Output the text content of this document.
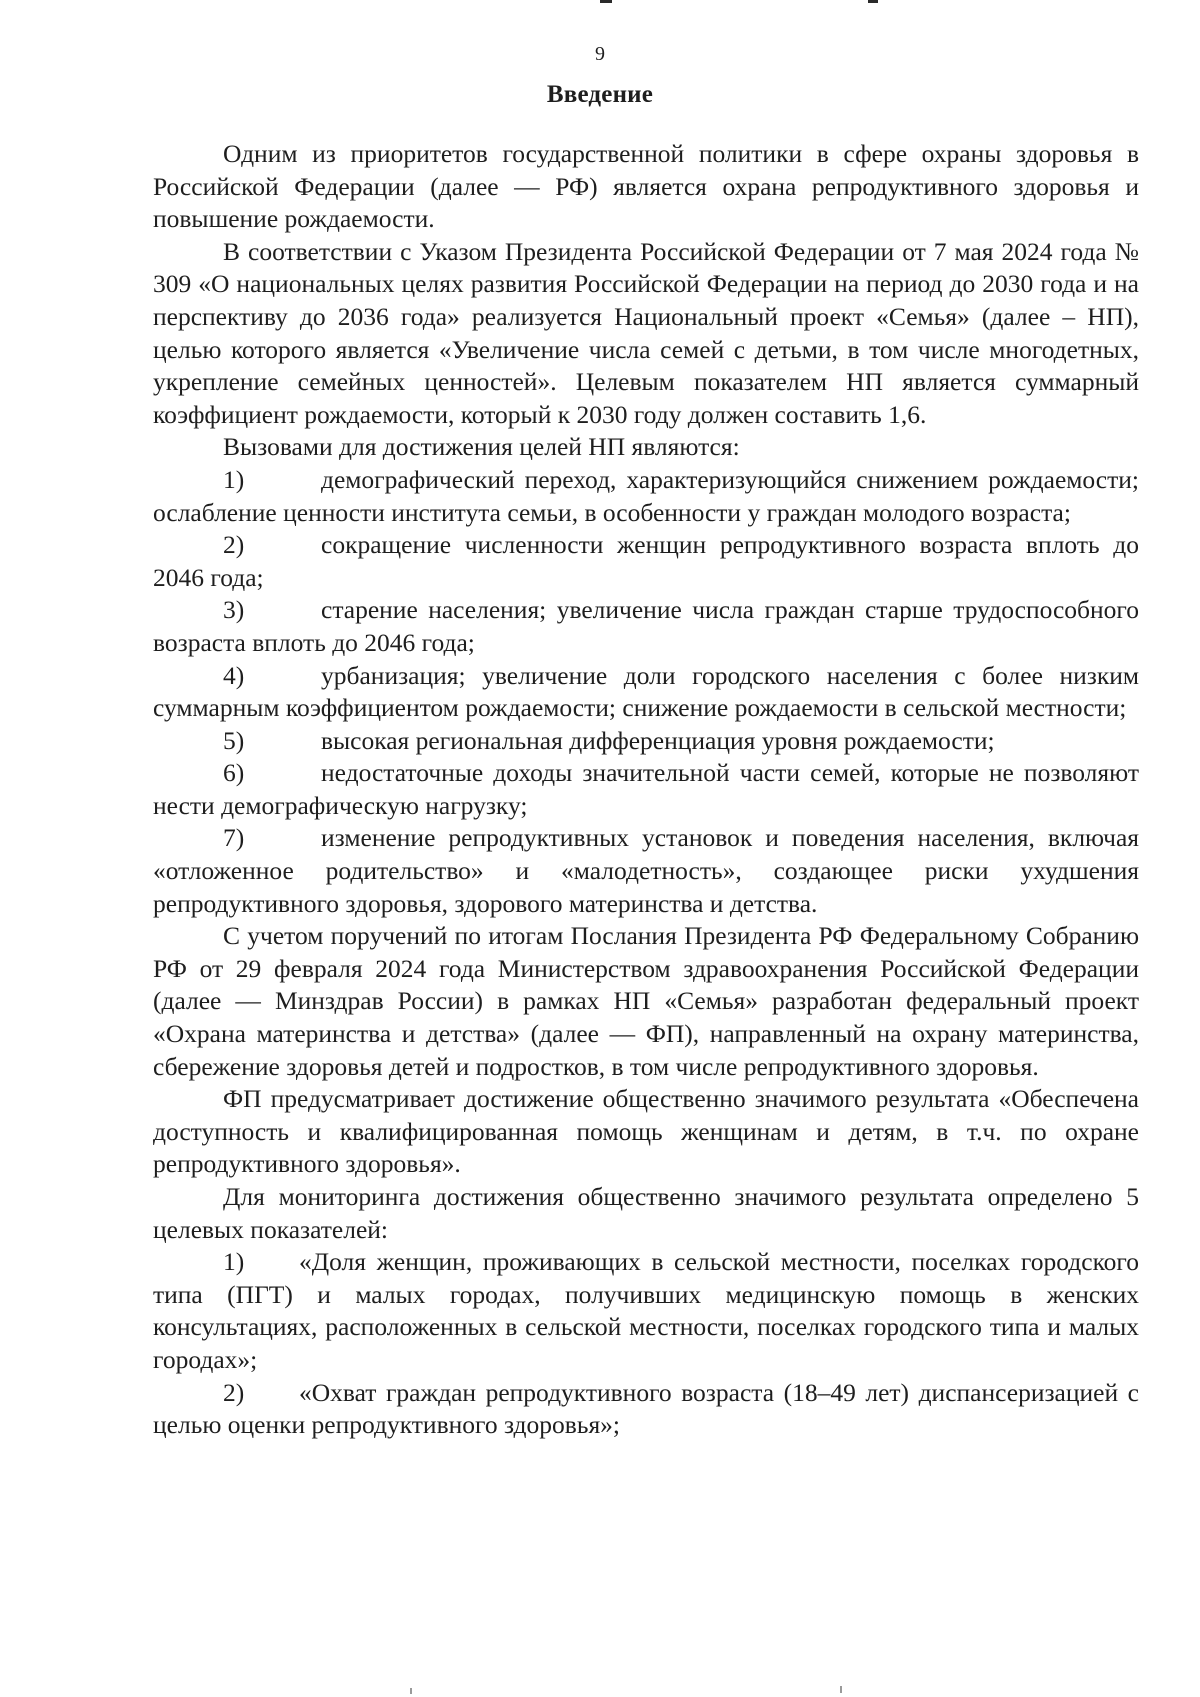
9
Введение

Одним из приоритетов государственной политики в сфере охраны здоровья в Российской Федерации (далее — РФ) является охрана репродуктивного здоровья и повышение рождаемости.

В соответствии с Указом Президента Российской Федерации от 7 мая 2024 года № 309 «О национальных целях развития Российской Федерации на период до 2030 года и на перспективу до 2036 года» реализуется Национальный проект «Семья» (далее – НП), целью которого является «Увеличение числа семей с детьми, в том числе многодетных, укрепление семейных ценностей». Целевым показателем НП является суммарный коэффициент рождаемости, который к 2030 году должен составить 1,6.

Вызовами для достижения целей НП являются:

1)	демографический переход, характеризующийся снижением рождаемости; ослабление ценности института семьи, в особенности у граждан молодого возраста;

2)	сокращение численности женщин репродуктивного возраста вплоть до 2046 года;

3)	старение населения; увеличение числа граждан старше трудоспособного возраста вплоть до 2046 года;

4)	урбанизация; увеличение доли городского населения с более низким суммарным коэффициентом рождаемости; снижение рождаемости в сельской местности;

5)	высокая региональная дифференциация уровня рождаемости;

6)	недостаточные доходы значительной части семей, которые не позволяют нести демографическую нагрузку;

7)	изменение репродуктивных установок и поведения населения, включая «отложенное родительство» и «малодетность», создающее риски ухудшения репродуктивного здоровья, здорового материнства и детства.

С учетом поручений по итогам Послания Президента РФ Федеральному Собранию РФ от 29 февраля 2024 года Министерством здравоохранения Российской Федерации (далее — Минздрав России) в рамках НП «Семья» разработан федеральный проект «Охрана материнства и детства» (далее — ФП), направленный на охрану материнства, сбережение здоровья детей и подростков, в том числе репродуктивного здоровья.

ФП предусматривает достижение общественно значимого результата «Обеспечена доступность и квалифицированная помощь женщинам и детям, в т.ч. по охране репродуктивного здоровья».

Для мониторинга достижения общественно значимого результата определено 5 целевых показателей:

1) «Доля женщин, проживающих в сельской местности, поселках городского типа (ПГТ) и малых городах, получивших медицинскую помощь в женских консультациях, расположенных в сельской местности, поселках городского типа и малых городах»;

2) «Охват граждан репродуктивного возраста (18–49 лет) диспансеризацией с целью оценки репродуктивного здоровья»;
